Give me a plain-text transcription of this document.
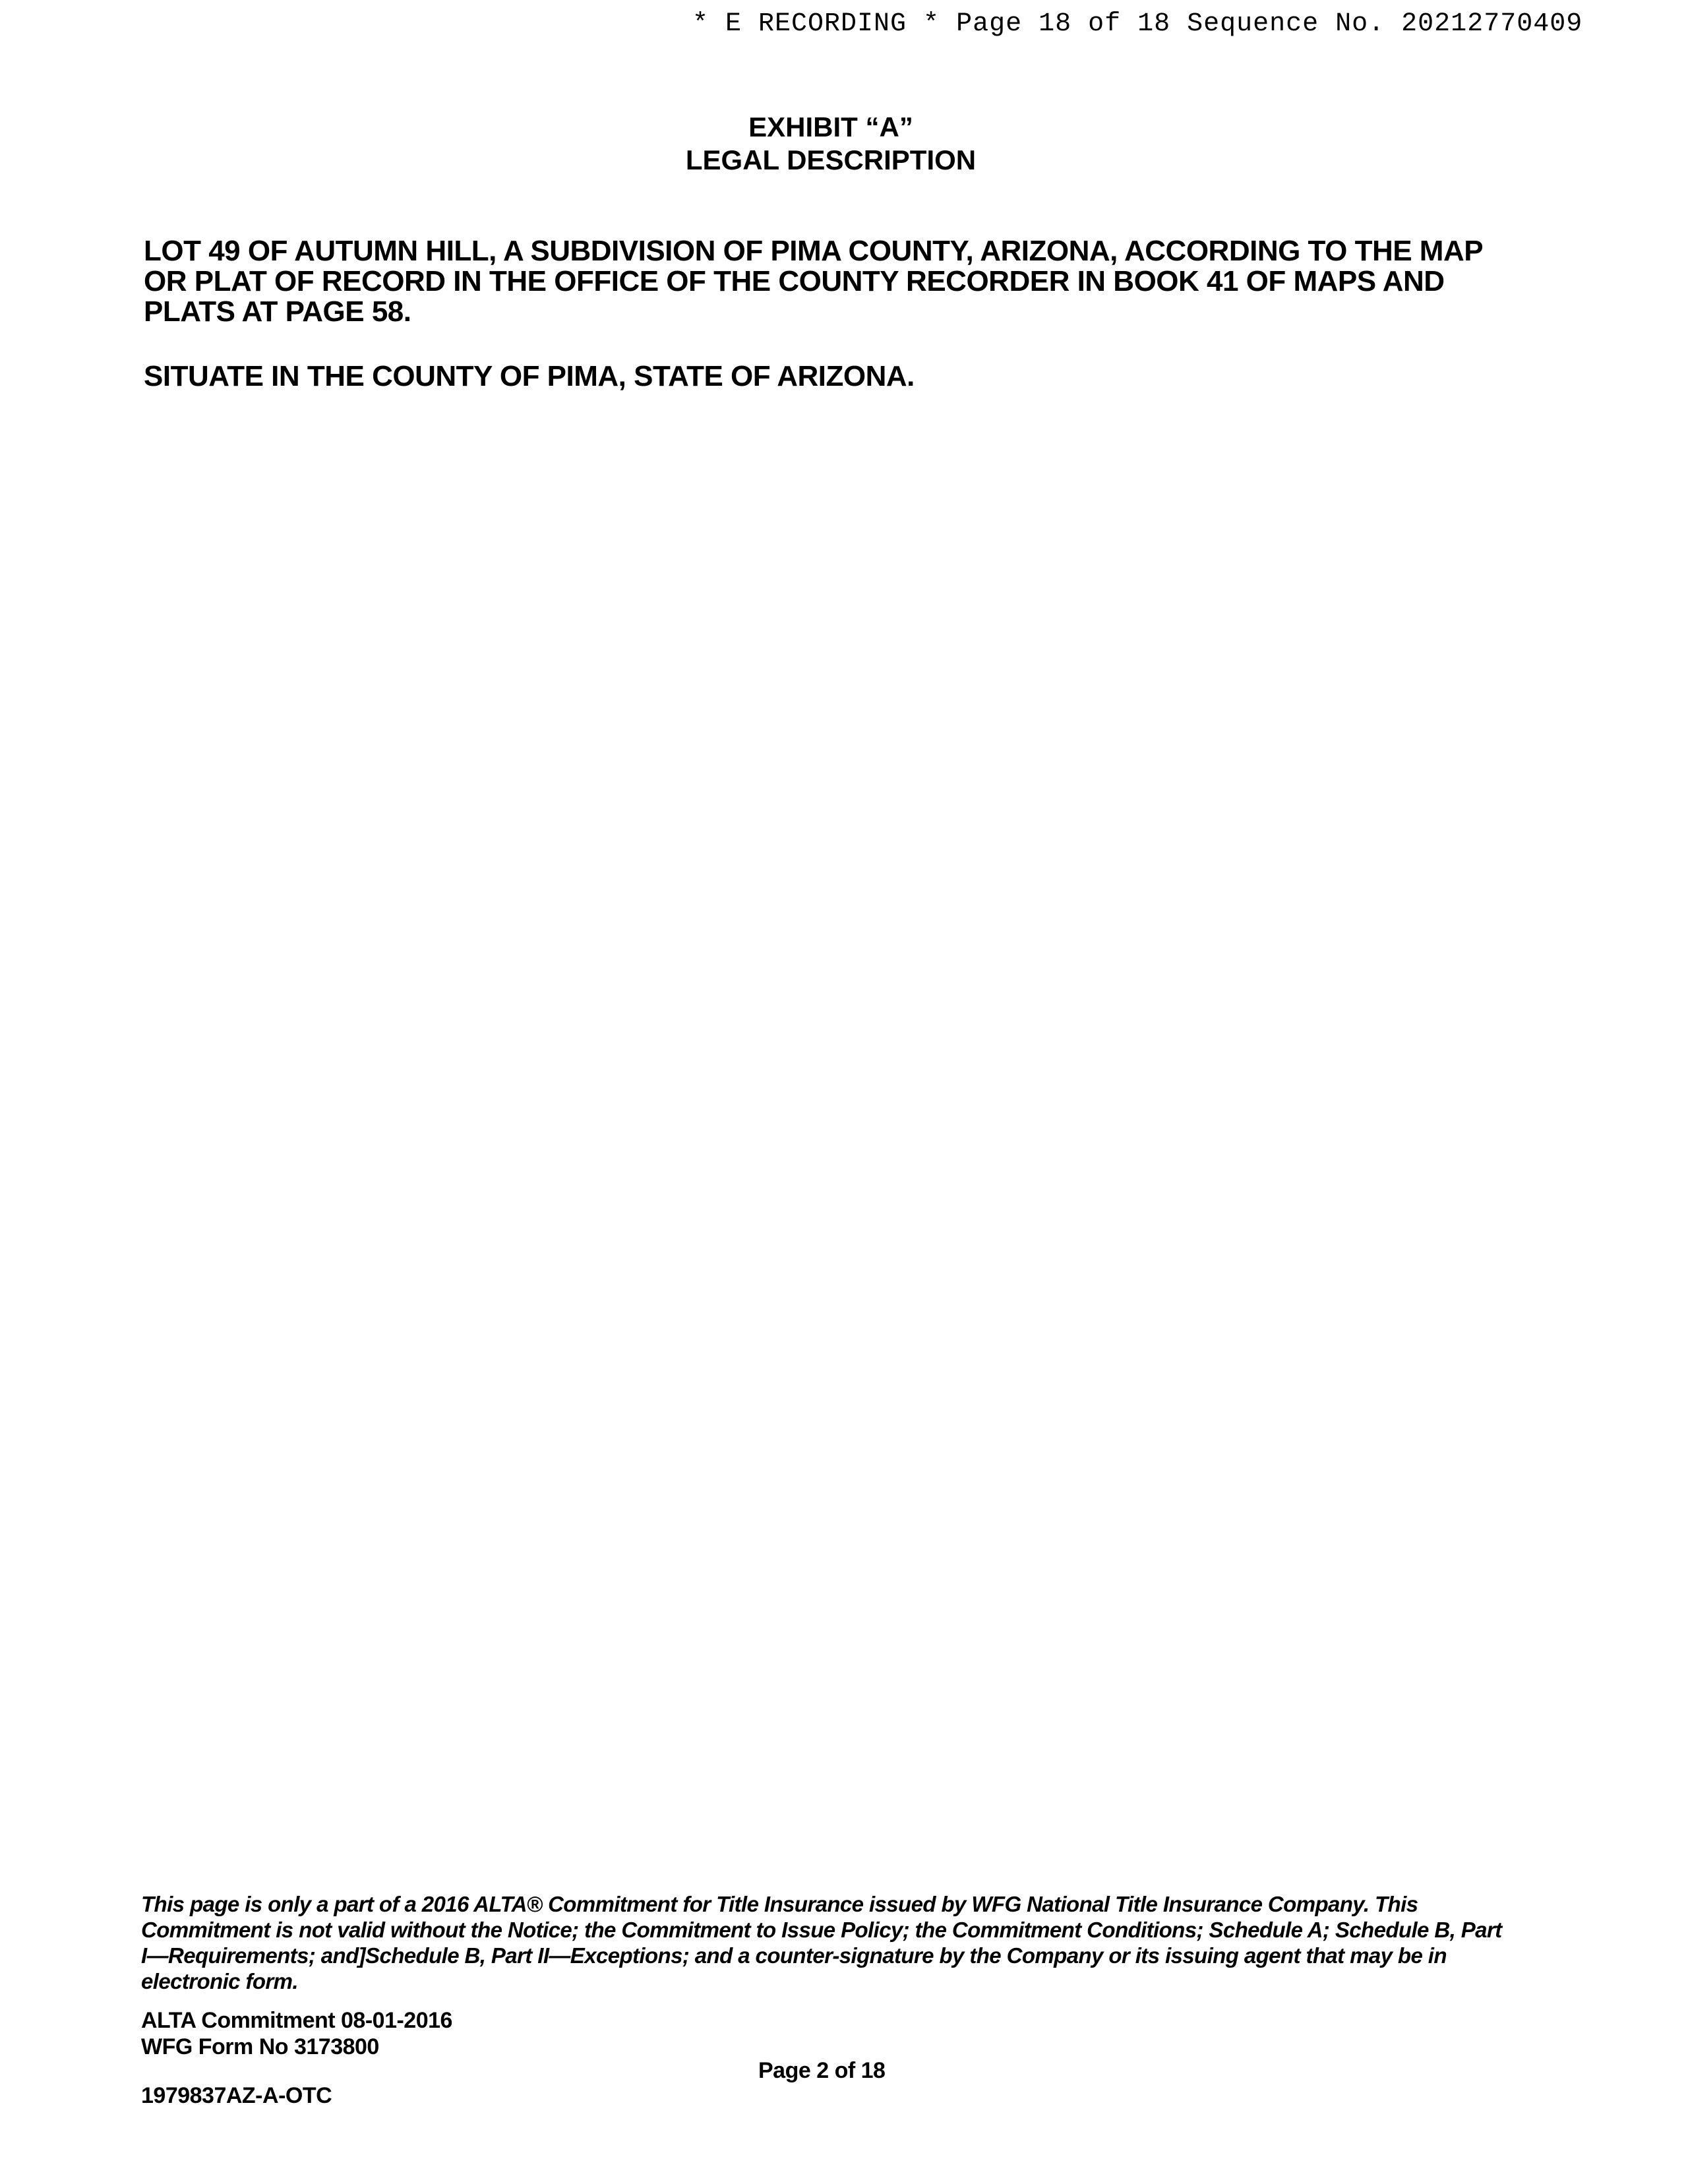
* E RECORDING * Page 18 of 18 Sequence No. 20212770409
EXHIBIT “A”
LEGAL DESCRIPTION

LOT 49 OF AUTUMN HILL, A SUBDIVISION OF PIMA COUNTY, ARIZONA, ACCORDING TO THE MAP OR PLAT OF RECORD IN THE OFFICE OF THE COUNTY RECORDER IN BOOK 41 OF MAPS AND PLATS AT PAGE 58.

SITUATE IN THE COUNTY OF PIMA, STATE OF ARIZONA.

This page is only a part of a 2016 ALTA® Commitment for Title Insurance issued by WFG National Title Insurance Company. This Commitment is not valid without the Notice; the Commitment to Issue Policy; the Commitment Conditions; Schedule A; Schedule B, Part I—Requirements; and]Schedule B, Part II—Exceptions; and a counter-signature by the Company or its issuing agent that may be in electronic form.

ALTA Commitment 08-01-2016
WFG Form No 3173800
Page 2 of 18
1979837AZ-A-OTC
